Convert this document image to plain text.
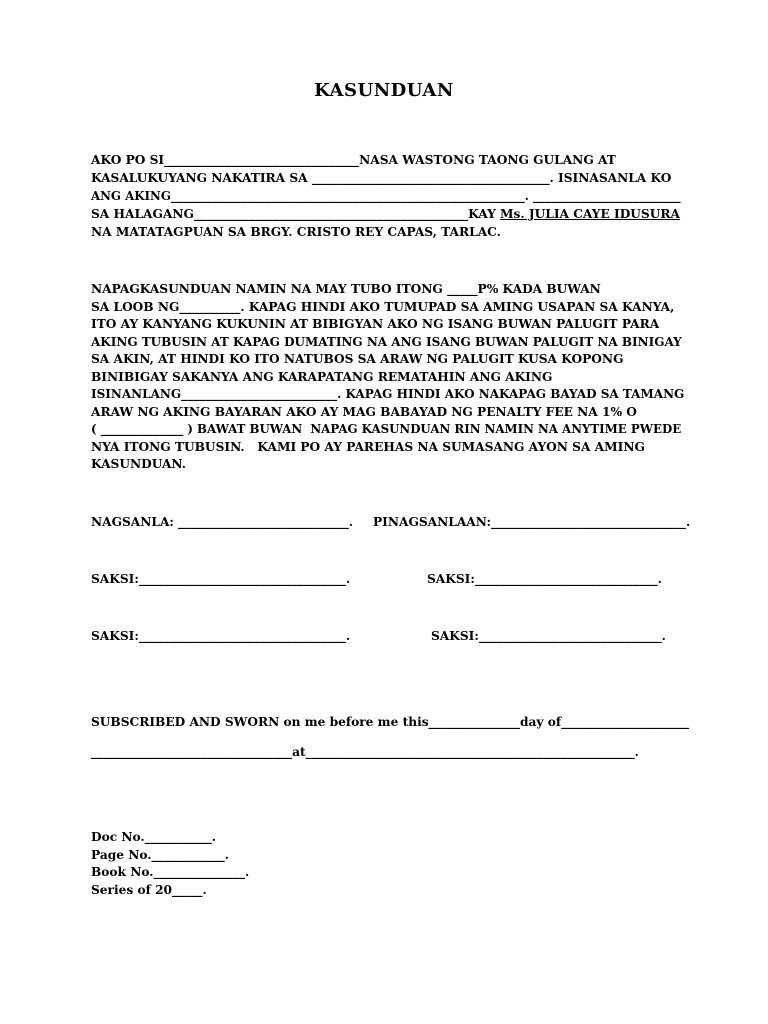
KASUNDUAN
AKO PO SI________________________________NASA WASTONG TAONG GULANG AT
KASALUKUYANG NAKATIRA SA _______________________________________. ISINASANLA KO
ANG AKING____________________________________________________________. _________________________
SA HALAGANG_____________________________________________KAY Ms. JULIA CAYE IDUSURA
NA MATATAGPUAN SA BRGY. CRISTO REY CAPAS, TARLAC.
NAPAGKASUNDUAN NAMIN NA MAY TUBO ITONG _____P% KADA BUWAN
SA LOOB NG__________. KAPAG HINDI AKO TUMUPAD SA AMING USAPAN SA KANYA,
ITO AY KANYANG KUKUNIN AT BIBIGYAN AKO NG ISANG BUWAN PALUGIT PARA
AKING TUBUSIN AT KAPAG DUMATING NA ANG ISANG BUWAN PALUGIT NA BINIGAY
SA AKIN, AT HINDI KO ITO NATUBOS SA ARAW NG PALUGIT KUSA KOPONG
BINIBIGAY SAKANYA ANG KARAPATANG REMATAHIN ANG AKING
ISINANLANG__________________________. KAPAG HINDI AKO NAKAPAG BAYAD SA TAMANG
ARAW NG AKING BAYARAN AKO AY MAG BABAYAD NG PENALTY FEE NA 1% O
( ______________ ) BAWAT BUWAN  NAPAG KASUNDUAN RIN NAMIN NA ANYTIME PWEDE
NYA ITONG TUBUSIN.   KAMI PO AY PAREHAS NA SUMASANG AYON SA AMING
KASUNDUAN.
NAGSANLA: ____________________________. PINAGSANLAAN:________________________________.
SAKSI:__________________________________.	SAKSI:______________________________.
SAKSI:__________________________________.	SAKSI:______________________________.
SUBSCRIBED AND SWORN on me before me this_______________day of_____________________
_________________________________at______________________________________________________.
Doc No.___________.
Page No.____________.
Book No._______________.
Series of 20_____.
